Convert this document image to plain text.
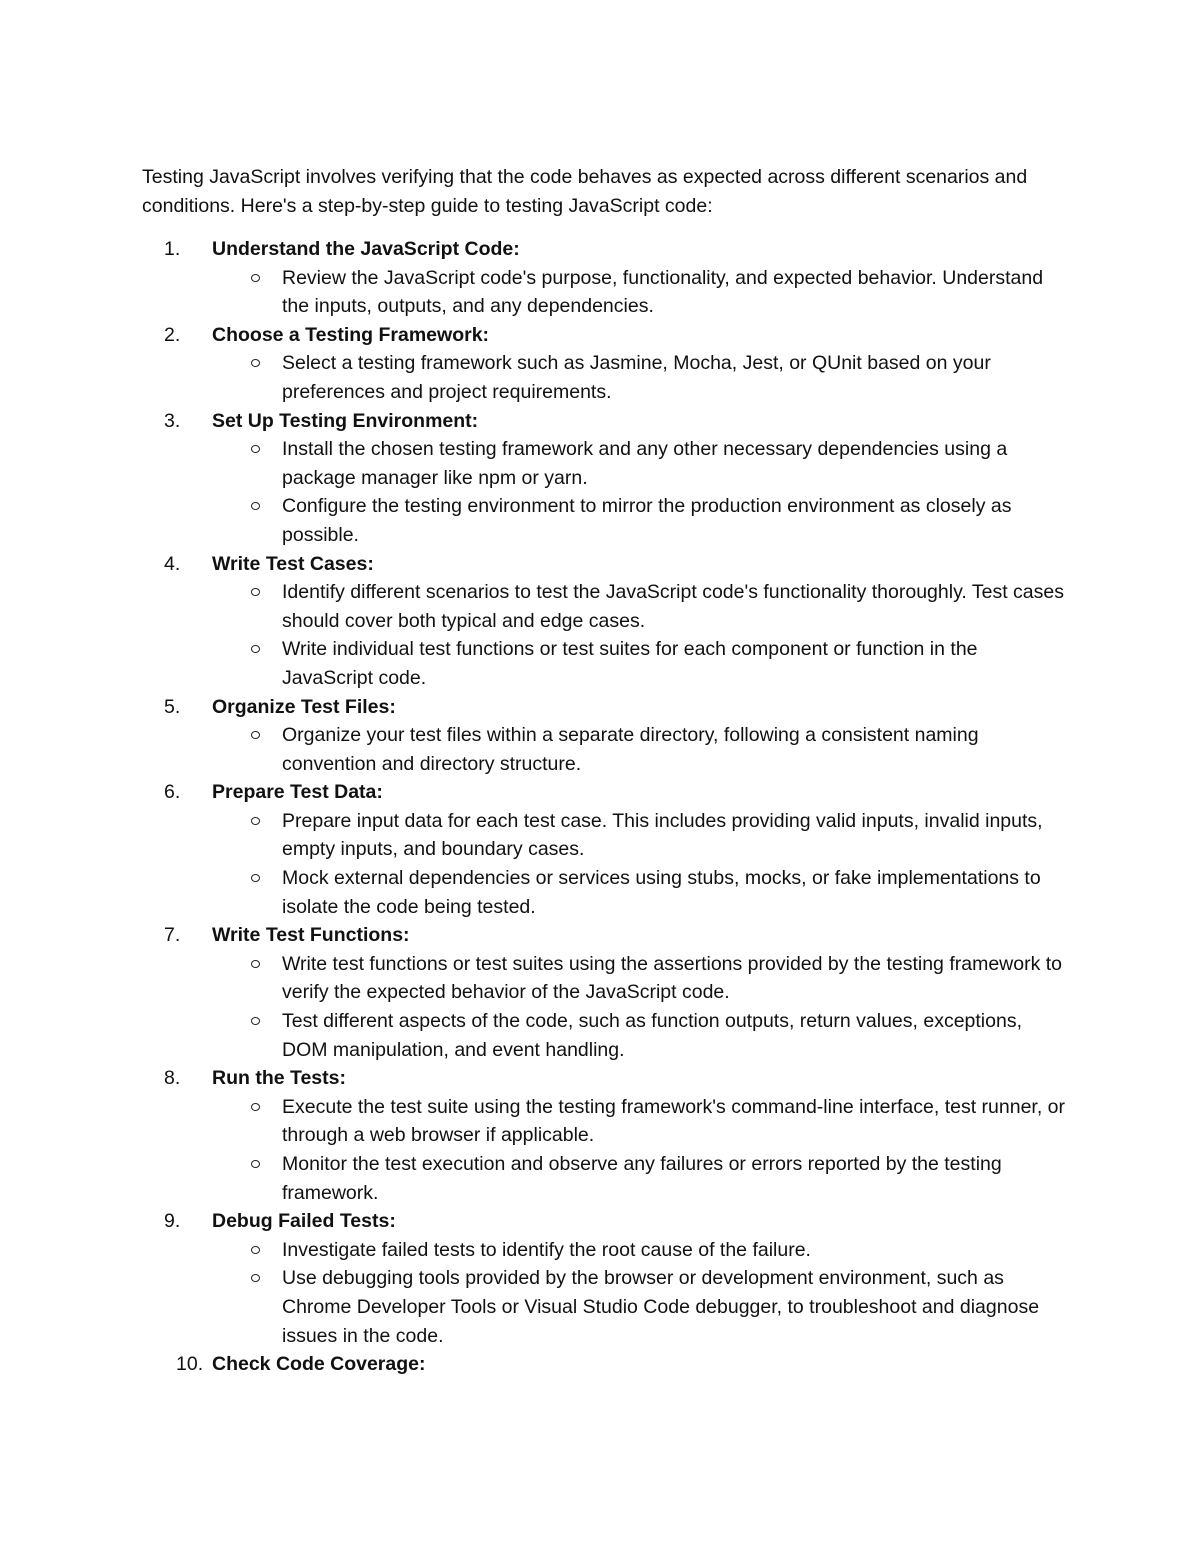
Testing JavaScript involves verifying that the code behaves as expected across different scenarios and conditions. Here's a step-by-step guide to testing JavaScript code:

1.	Understand the JavaScript Code:
Review the JavaScript code's purpose, functionality, and expected behavior. Understand the inputs, outputs, and any dependencies.
2.	Choose a Testing Framework:
Select a testing framework such as Jasmine, Mocha, Jest, or QUnit based on your preferences and project requirements.
3.	Set Up Testing Environment:
Install the chosen testing framework and any other necessary dependencies using a package manager like npm or yarn.
Configure the testing environment to mirror the production environment as closely as possible.
4.	Write Test Cases:
Identify different scenarios to test the JavaScript code's functionality thoroughly. Test cases should cover both typical and edge cases.
Write individual test functions or test suites for each component or function in the JavaScript code.
5.	Organize Test Files:
Organize your test files within a separate directory, following a consistent naming convention and directory structure.
6.	Prepare Test Data:
Prepare input data for each test case. This includes providing valid inputs, invalid inputs, empty inputs, and boundary cases.
Mock external dependencies or services using stubs, mocks, or fake implementations to isolate the code being tested.
7.	Write Test Functions:
Write test functions or test suites using the assertions provided by the testing framework to verify the expected behavior of the JavaScript code.
Test different aspects of the code, such as function outputs, return values, exceptions, DOM manipulation, and event handling.
8.	Run the Tests:
Execute the test suite using the testing framework's command-line interface, test runner, or through a web browser if applicable.
Monitor the test execution and observe any failures or errors reported by the testing framework.
9.	Debug Failed Tests:
Investigate failed tests to identify the root cause of the failure.
Use debugging tools provided by the browser or development environment, such as Chrome Developer Tools or Visual Studio Code debugger, to troubleshoot and diagnose issues in the code.
10. Check Code Coverage:
